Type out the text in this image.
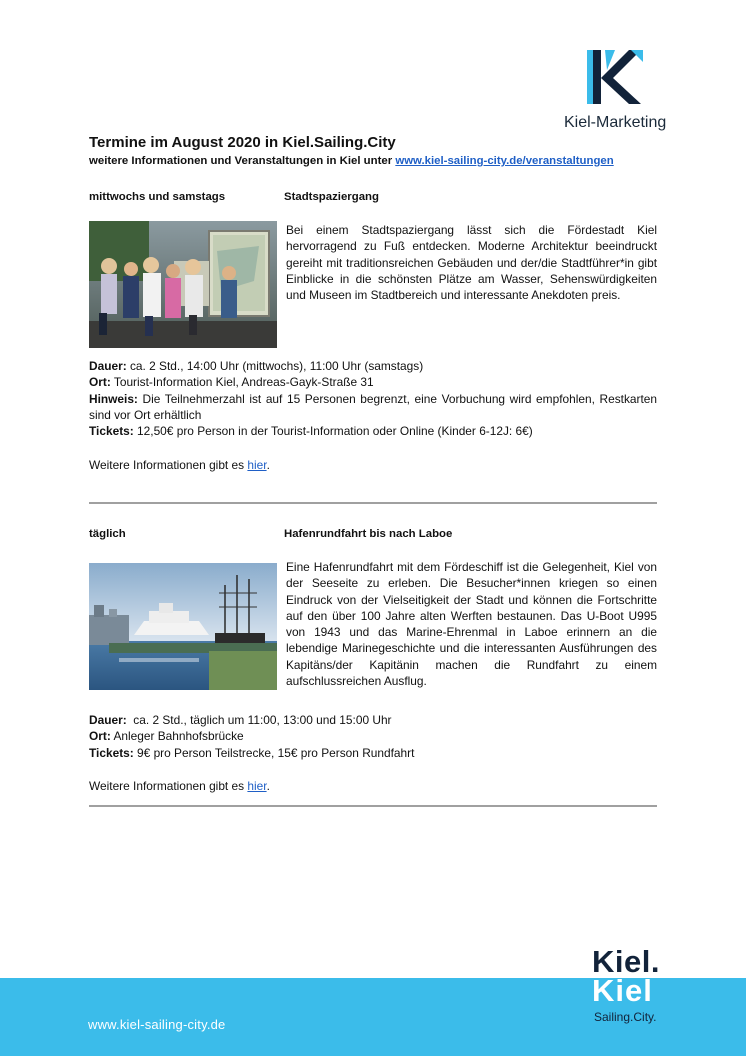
Kiel-Marketing
Termine im August 2020 in Kiel.Sailing.City
weitere Informationen und Veranstaltungen in Kiel unter www.kiel-sailing-city.de/veranstaltungen
mittwochs und samstags	Stadtspaziergang
Bei einem Stadtspaziergang lässt sich die Fördestadt Kiel hervorragend zu Fuß entdecken. Moderne Architektur beeindruckt gereiht mit traditionsreichen Gebäuden und der/die Stadtführer*in gibt Einblicke in die schönsten Plätze am Wasser, Sehenswürdigkeiten und Museen im Stadtbereich und interessante Anekdoten preis.
Dauer: ca. 2 Std., 14:00 Uhr (mittwochs), 11:00 Uhr (samstags)
Ort: Tourist-Information Kiel, Andreas-Gayk-Straße 31
Hinweis: Die Teilnehmerzahl ist auf 15 Personen begrenzt, eine Vorbuchung wird empfohlen, Restkarten sind vor Ort erhältlich
Tickets: 12,50€ pro Person in der Tourist-Information oder Online (Kinder 6-12J: 6€)
Weitere Informationen gibt es hier.
täglich	Hafenrundfahrt bis nach Laboe
Eine Hafenrundfahrt mit dem Fördeschiff ist die Gelegenheit, Kiel von der Seeseite zu erleben. Die Besucher*innen kriegen so einen Eindruck von der Vielseitigkeit der Stadt und können die Fortschritte auf den über 100 Jahre alten Werften bestaunen. Das U-Boot U995 von 1943 und das Marine-Ehrenmal in Laboe erinnern an die lebendige Marinegeschichte und die interessanten Ausführungen des Kapitäns/der Kapitänin machen die Rundfahrt zu einem aufschlussreichen Ausflug.
Dauer:  ca. 2 Std., täglich um 11:00, 13:00 und 15:00 Uhr
Ort: Anleger Bahnhofsbrücke
Tickets: 9€ pro Person Teilstrecke, 15€ pro Person Rundfahrt
Weitere Informationen gibt es hier.
www.kiel-sailing-city.de
Kiel.
Kiel
Sailing.City.
